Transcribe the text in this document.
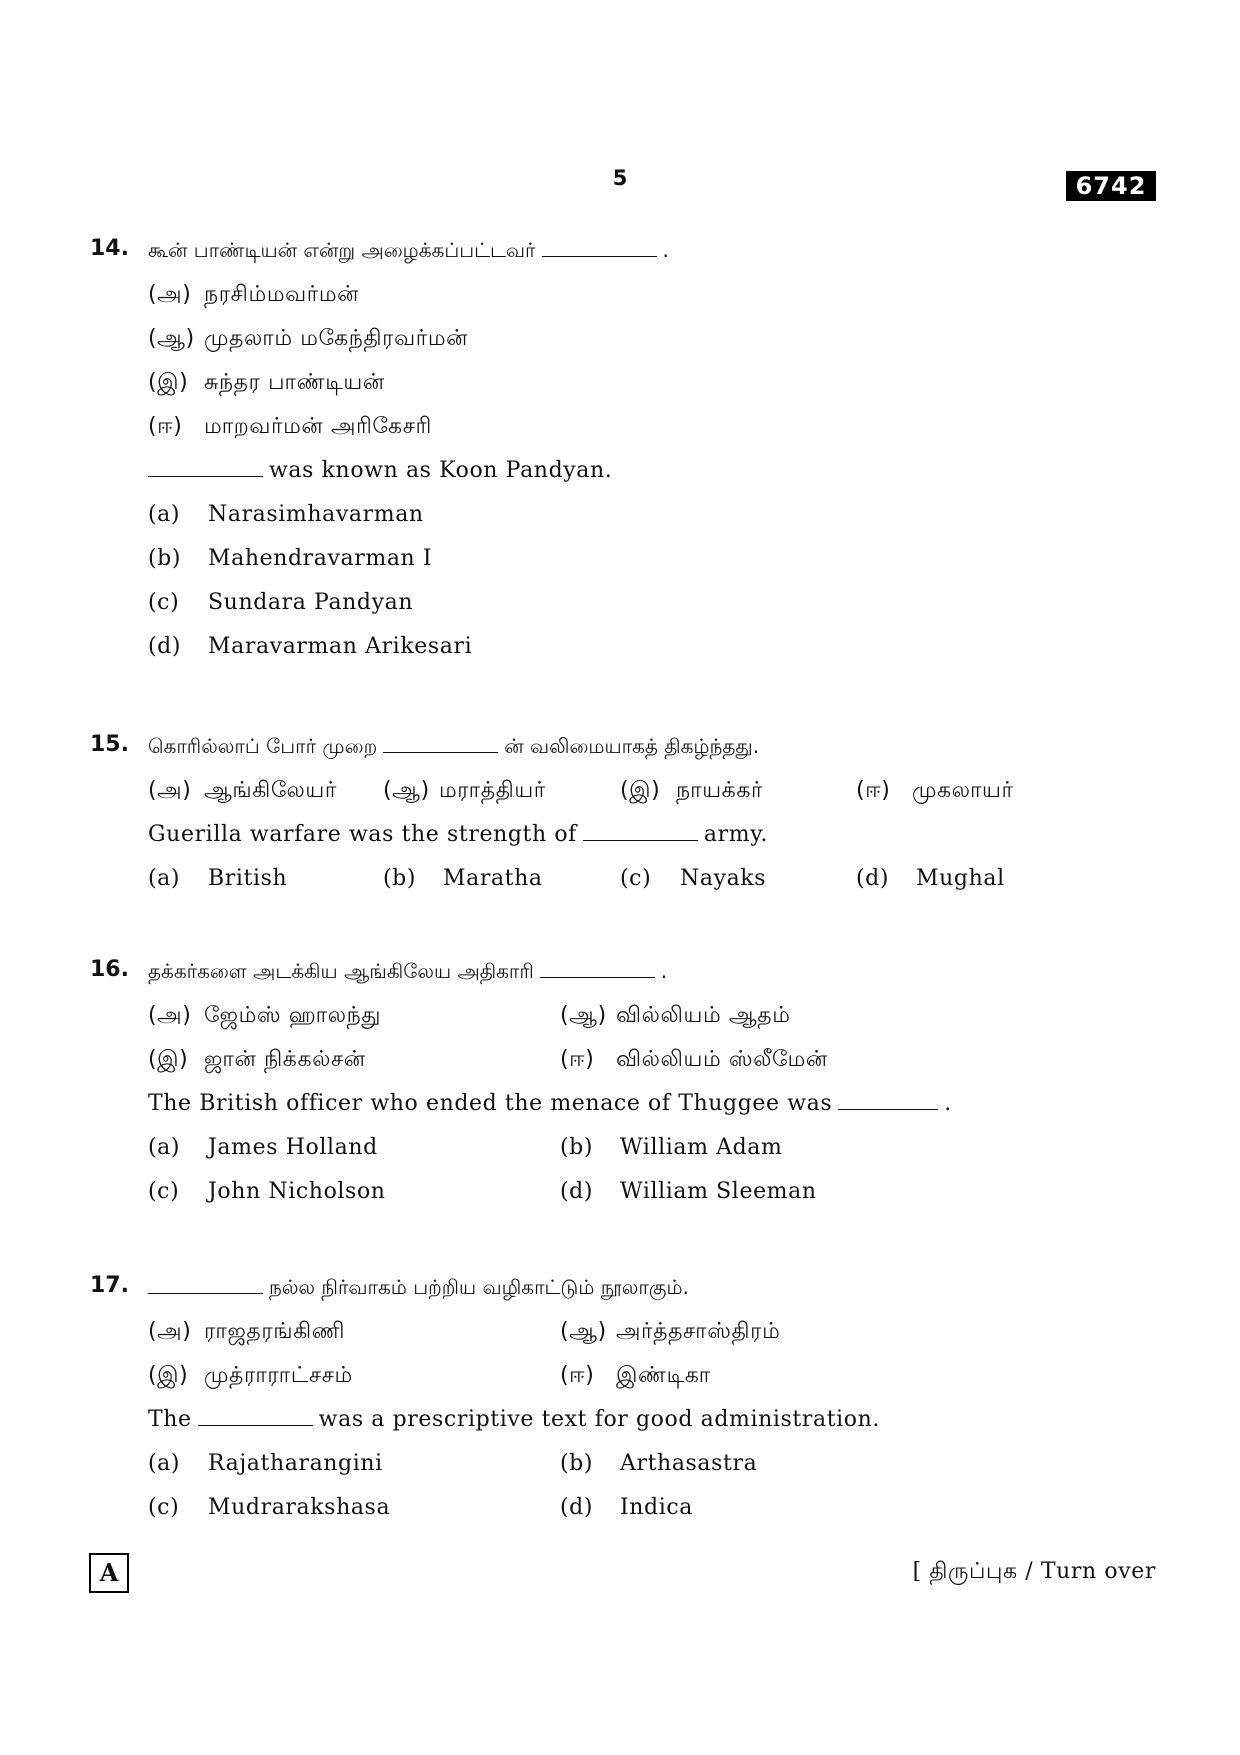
5	6742
14. கூன் பாண்டியன் என்று அழைக்கப்பட்டவர்	.
(அ) நரசிம்மவர்மன்
(ஆ) முதலாம் மகேந்திரவர்மன்
(இ) சுந்தர பாண்டியன்
(ஈ) மாறவர்மன் அரிகேசரி
was known as Koon Pandyan.
(a) Narasimhavarman
(b) Mahendravarman I
(c) Sundara Pandyan
(d) Maravarman Arikesari
15. கொரில்லாப் போர் முறை	ன் வலிமையாகத் திகழ்ந்தது.
(அ) ஆங்கிலேயர் (ஆ) மராத்தியர்	(இ) நாயக்கர்	(ஈ) முகலாயர்
Guerilla warfare was the strength of	army.
(a) British	(b) Maratha	(c) Nayaks	(d) Mughal
16. தக்கர்களை அடக்கிய ஆங்கிலேய அதிகாரி	.
(அ) ஜேம்ஸ் ஹாலந்து	(ஆ) வில்லியம் ஆதம்
(இ) ஜான் நிக்கல்சன்	(ஈ) வில்லியம் ஸ்லீமேன்
The British officer who ended the menace of Thuggee was	.
(a) James Holland	(b) William Adam
(c) John Nicholson	(d) William Sleeman
17.	நல்ல நிர்வாகம் பற்றிய வழிகாட்டும் நூலாகும்.
(அ) ராஜதரங்கிணி	(ஆ) அர்த்தசாஸ்திரம்
(இ) முத்ராராட்சசம்	(ஈ) இண்டிகா
The	was a prescriptive text for good administration.
(a) Rajatharangini	(b) Arthasastra
(c) Mudrarakshasa	(d) Indica
A	[ திருப்புக / Turn over
